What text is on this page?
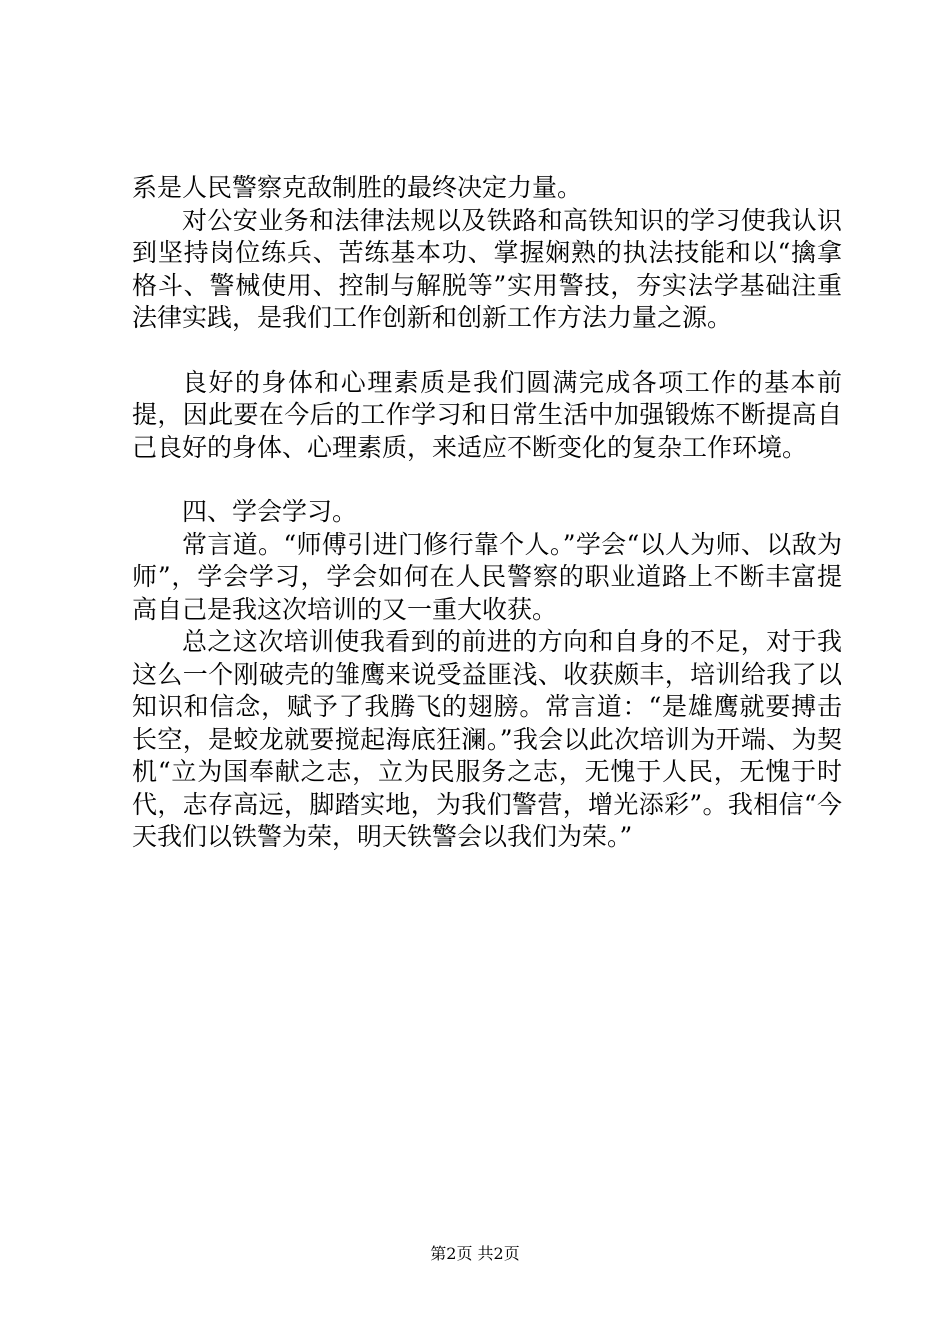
系是人民警察克敌制胜的最终决定力量。

对公安业务和法律法规以及铁路和高铁知识的学习使我认识到坚持岗位练兵、苦练基本功、掌握娴熟的执法技能和以“擒拿格斗、警械使用、控制与解脱等”实用警技，夯实法学基础注重法律实践，是我们工作创新和创新工作方法力量之源。

良好的身体和心理素质是我们圆满完成各项工作的基本前提，因此要在今后的工作学习和日常生活中加强锻炼不断提高自己良好的身体、心理素质，来适应不断变化的复杂工作环境。

四、学会学习。

常言道。“师傅引进门修行靠个人。”学会“以人为师、以敌为师”，学会学习，学会如何在人民警察的职业道路上不断丰富提高自己是我这次培训的又一重大收获。

总之这次培训使我看到的前进的方向和自身的不足，对于我这么一个刚破壳的雏鹰来说受益匪浅、收获颇丰，培训给我了以知识和信念，赋予了我腾飞的翅膀。常言道：“是雄鹰就要搏击长空，是蛟龙就要搅起海底狂澜。”我会以此次培训为开端、为契机“立为国奉献之志，立为民服务之志，无愧于人民，无愧于时代，志存高远，脚踏实地，为我们警营，增光添彩”。我相信“今天我们以铁警为荣，明天铁警会以我们为荣。”

第2页 共2页
